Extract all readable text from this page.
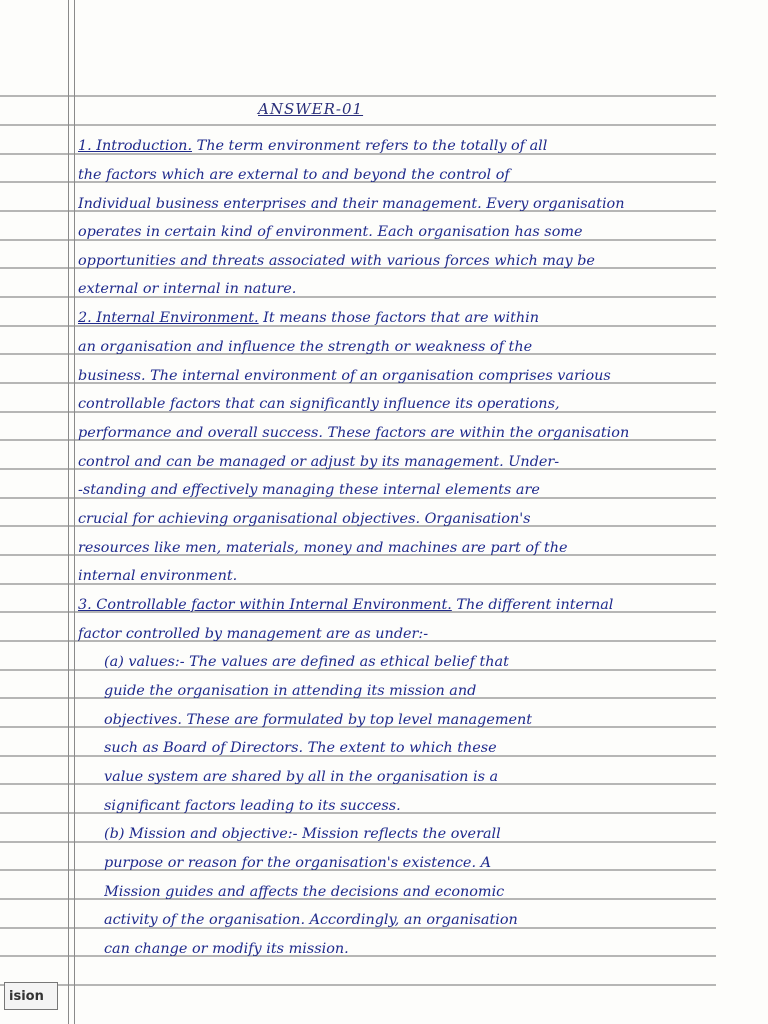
ANSWER-01
1. Introduction. The term environment refers to the totally of all
the factors which are external to and beyond the control of
Individual business enterprises and their management. Every organisation
operates in certain kind of environment. Each organisation has some
opportunities and threats associated with various forces which may be
external or internal in nature.
2. Internal Environment. It means those factors that are within
an organisation and influence the strength or weakness of the
business. The internal environment of an organisation comprises various
controllable factors that can significantly influence its operations,
performance and overall success. These factors are within the organisation
control and can be managed or adjust by its management. Under-
-standing and effectively managing these internal elements are
crucial for achieving organisational objectives. Organisation's
resources like men, materials, money and machines are part of the
internal environment.
3. Controllable factor within Internal Environment. The different internal
factor controlled by management are as under:-
(a) values:- The values are defined as ethical belief that
guide the organisation in attending its mission and
objectives. These are formulated by top level management
such as Board of Directors. The extent to which these
value system are shared by all in the organisation is a
significant factors leading to its success.
(b) Mission and objective:- Mission reflects the overall
purpose or reason for the organisation's existence. A
Mission guides and affects the decisions and economic
activity of the organisation. Accordingly, an organisation
can change or modify its mission.
ision
